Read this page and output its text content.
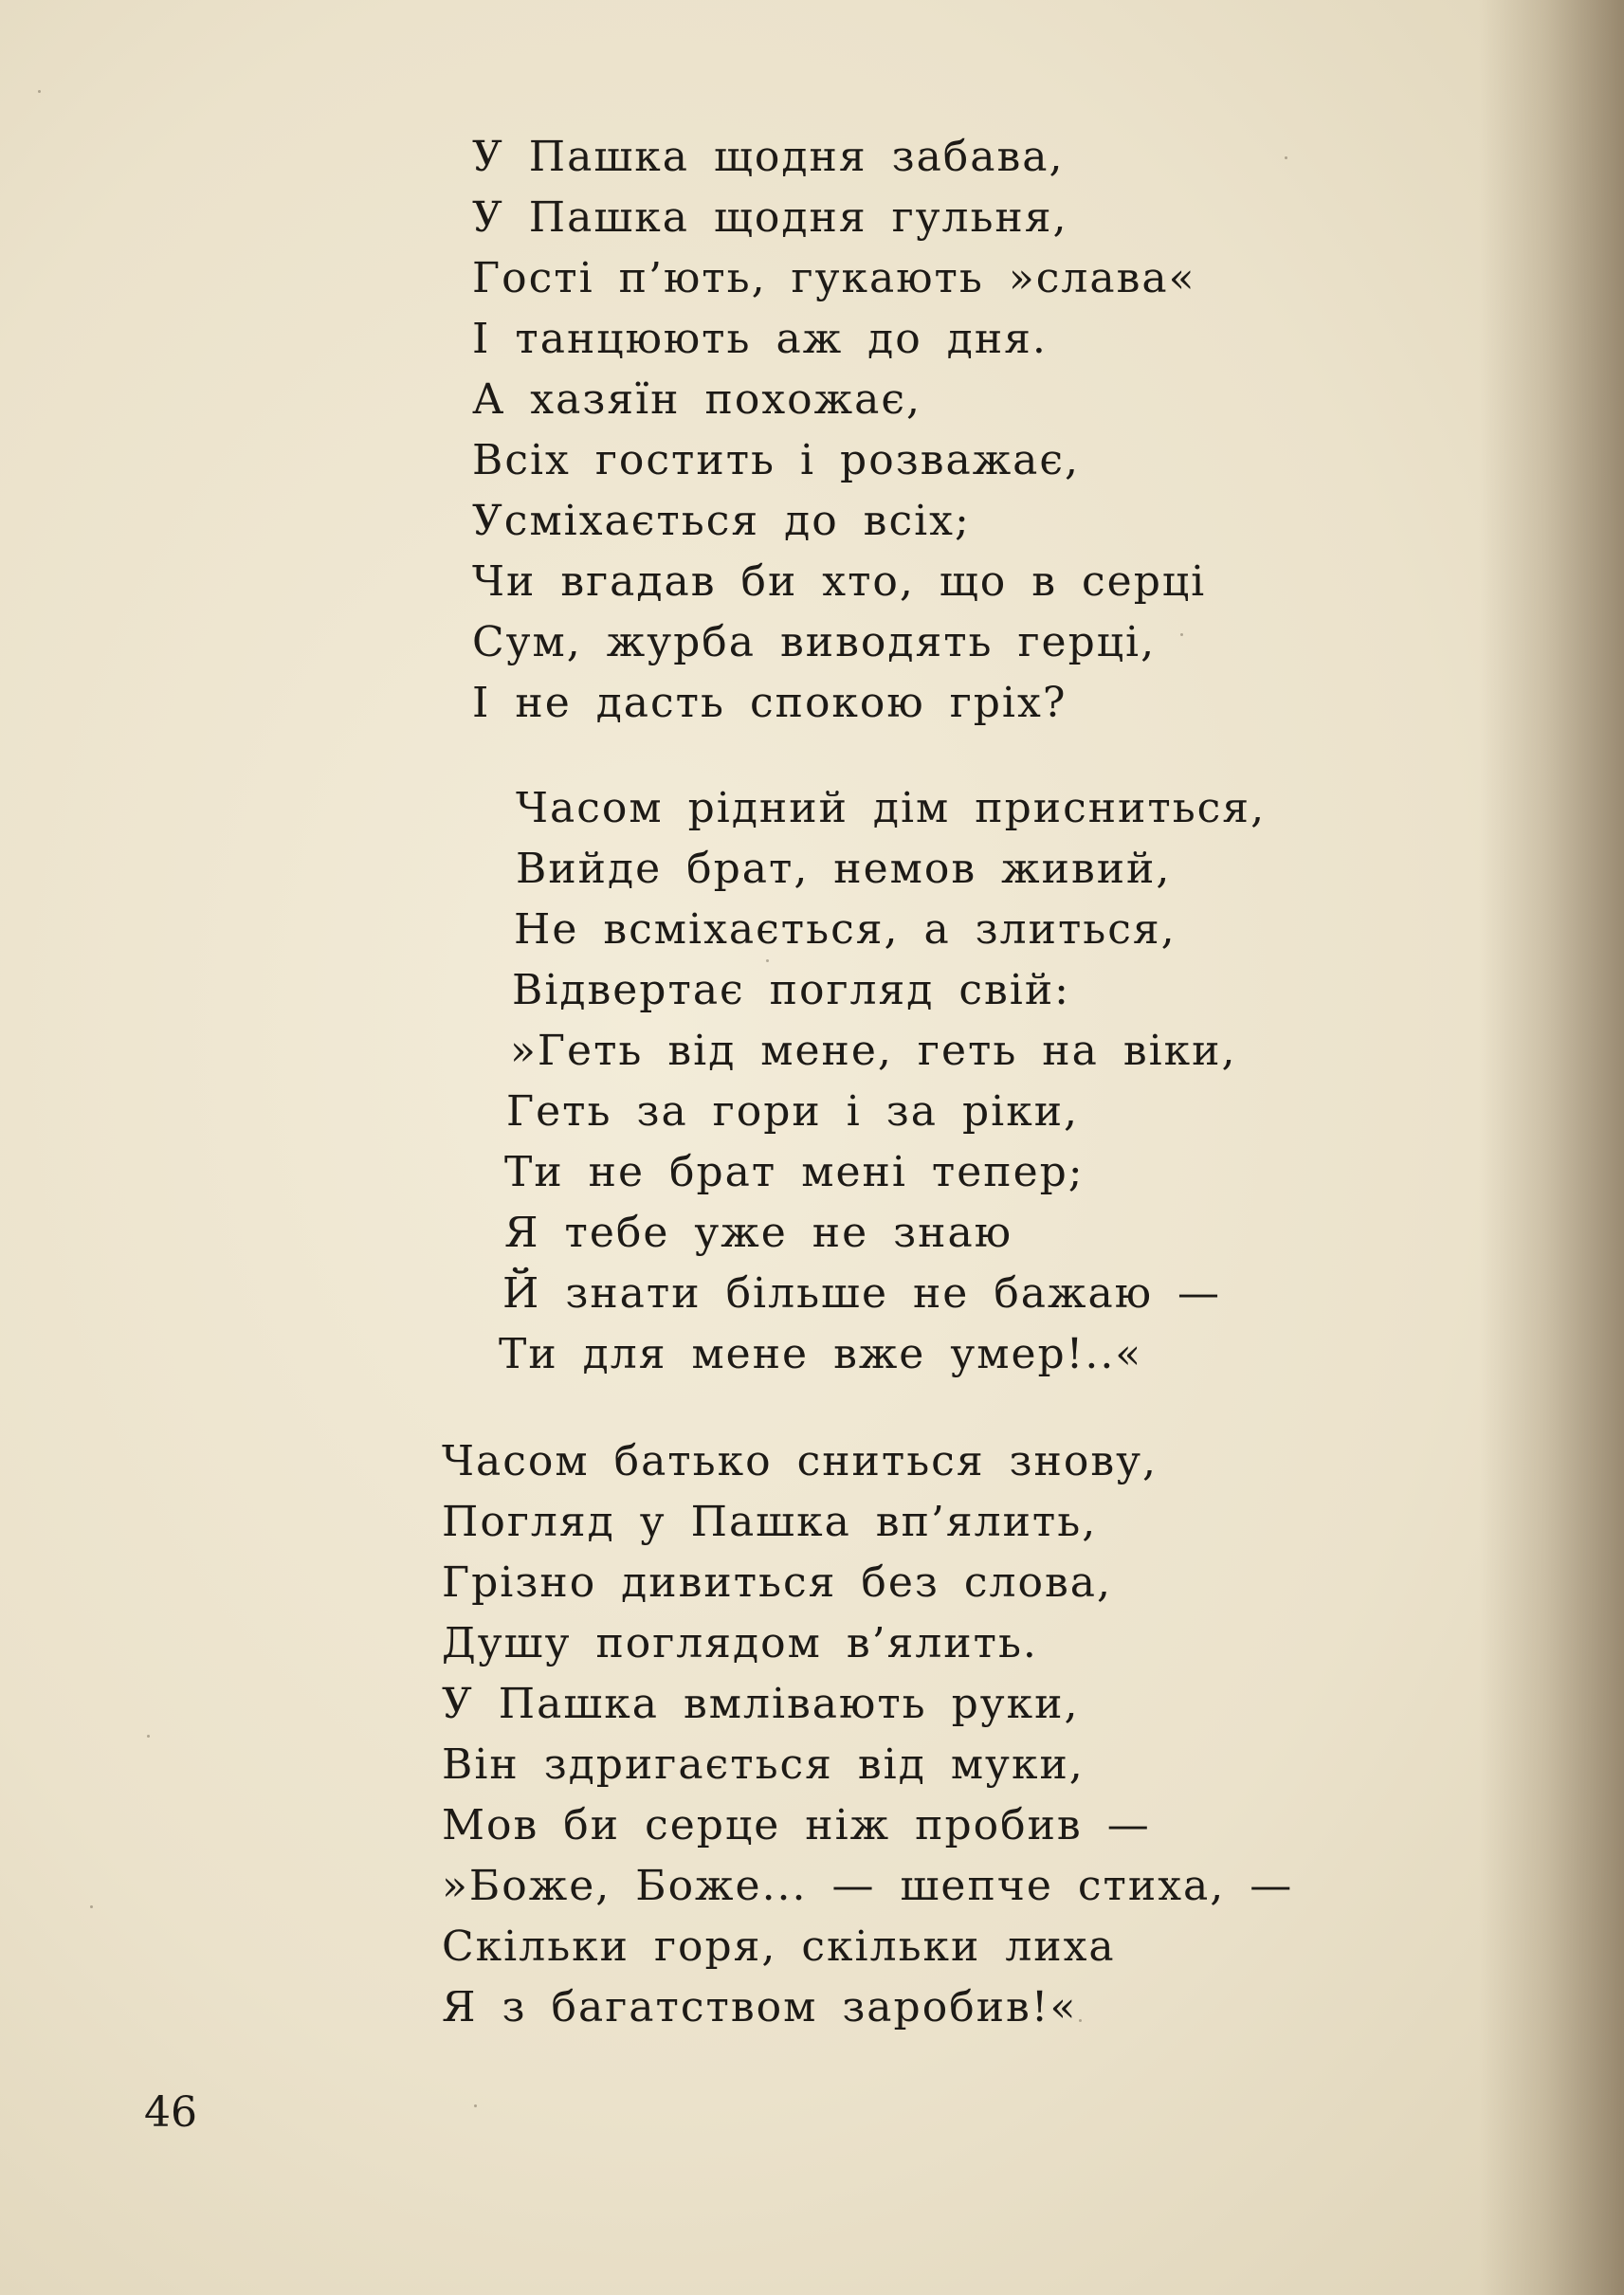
У Пашка щодня забава,
У Пашка щодня гульня,
Гості п’ють, гукають »слава«
І танцюють аж до дня.
А хазяїн похожає,
Всіх гостить і розважає,
Усміхається до всіх;
Чи вгадав би хто, що в серці
Сум, журба виводять герці,
І не дасть спокою гріх?
Часом рідний дім присниться,
Вийде брат, немов живий,
Не всміхається, а злиться,
Відвертає погляд свій:
»Геть від мене, геть на віки,
Геть за гори і за ріки,
Ти не брат мені тепер;
Я тебе уже не знаю
Й знати більше не бажаю —
Ти для мене вже умер!..«
Часом батько сниться знову,
Погляд у Пашка вп’ялить,
Грізно дивиться без слова,
Душу поглядом в’ялить.
У Пашка вмлівають руки,
Він здригається від муки,
Мов би серце ніж пробив —
»Боже, Боже... — шепче стиха, —
Скільки горя, скільки лиха
Я з багатством заробив!«
46
